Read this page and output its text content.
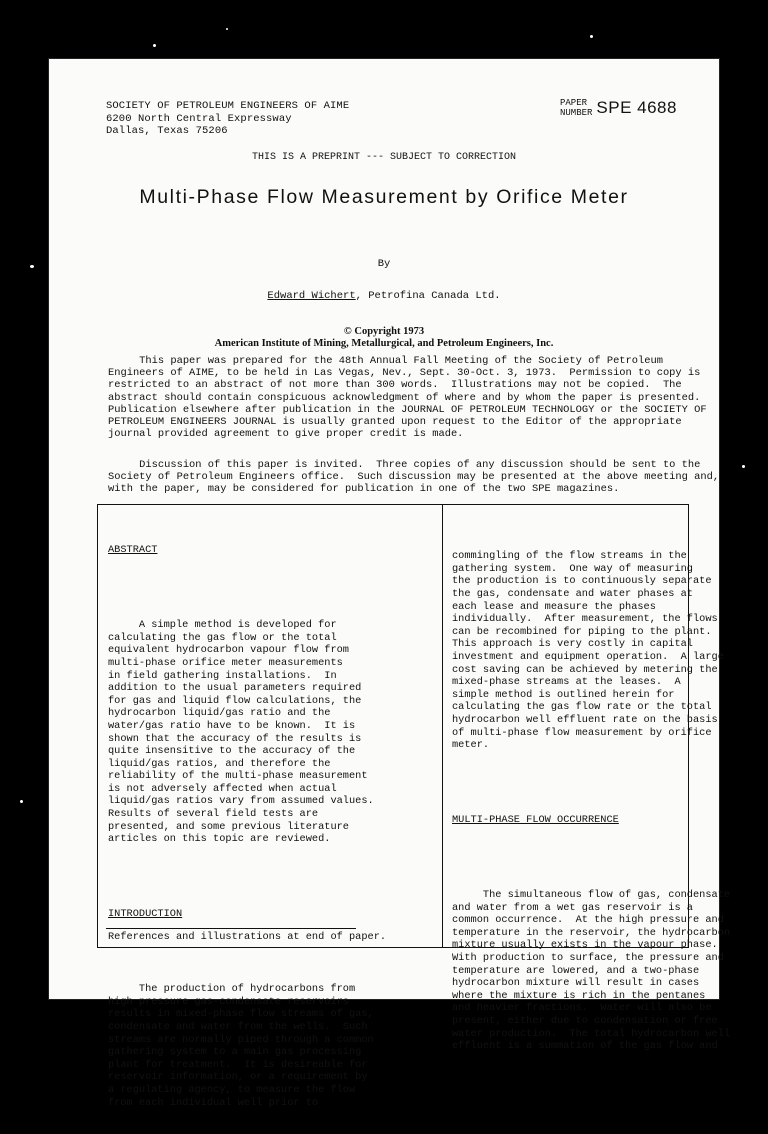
SOCIETY OF PETROLEUM ENGINEERS OF AIME
6200 North Central Expressway
Dallas, Texas 75206
PAPER
NUMBER SPE 4688
THIS IS A PREPRINT --- SUBJECT TO CORRECTION
Multi-Phase Flow Measurement by Orifice Meter
By
Edward Wichert, Petrofina Canada Ltd.
© Copyright 1973
American Institute of Mining, Metallurgical, and Petroleum Engineers, Inc.
This paper was prepared for the 48th Annual Fall Meeting of the Society of Petroleum
Engineers of AIME, to be held in Las Vegas, Nev., Sept. 30-Oct. 3, 1973.  Permission to copy is
restricted to an abstract of not more than 300 words.  Illustrations may not be copied.  The
abstract should contain conspicuous acknowledgment of where and by whom the paper is presented.
Publication elsewhere after publication in the JOURNAL OF PETROLEUM TECHNOLOGY or the SOCIETY OF
PETROLEUM ENGINEERS JOURNAL is usually granted upon request to the Editor of the appropriate
journal provided agreement to give proper credit is made.
Discussion of this paper is invited.  Three copies of any discussion should be sent to the
Society of Petroleum Engineers office.  Such discussion may be presented at the above meeting and,
with the paper, may be considered for publication in one of the two SPE magazines.

ABSTRACT

A simple method is developed for
calculating the gas flow or the total
equivalent hydrocarbon vapour flow from
multi-phase orifice meter measurements
in field gathering installations.  In
addition to the usual parameters required
for gas and liquid flow calculations, the
hydrocarbon liquid/gas ratio and the
water/gas ratio have to be known.  It is
shown that the accuracy of the results is
quite insensitive to the accuracy of the
liquid/gas ratios, and therefore the
reliability of the multi-phase measurement
is not adversely affected when actual
liquid/gas ratios vary from assumed values.
Results of several field tests are
presented, and some previous literature
articles on this topic are reviewed.

INTRODUCTION

The production of hydrocarbons from
high pressure gas-condensate reservoirs
results in mixed-phase flow streams of gas,
condensate and water from the wells.  Such
streams are normally piped through a common
gathering system to a main gas processing
plant for treatment.  It is desireable for
reservoir information, or a requirement by
a regulating agency, to measure the flow
from each individual well prior to

References and illustrations at end of paper.

commingling of the flow streams in the
gathering system.  One way of measuring
the production is to continuously separate
the gas, condensate and water phases at
each lease and measure the phases
individually.  After measurement, the flows
can be recombined for piping to the plant.
This approach is very costly in capital
investment and equipment operation.  A large
cost saving can be achieved by metering the
mixed-phase streams at the leases.  A
simple method is outlined herein for
calculating the gas flow rate or the total
hydrocarbon well effluent rate on the basis
of multi-phase flow measurement by orifice
meter.

MULTI-PHASE FLOW OCCURRENCE

The simultaneous flow of gas, condensate
and water from a wet gas reservoir is a
common occurrence.  At the high pressure and
temperature in the reservoir, the hydrocarbon
mixture usually exists in the vapour phase.
With production to surface, the pressure and
temperature are lowered, and a two-phase
hydrocarbon mixture will result in cases
where the mixture is rich in the pentanes
and heavier fractions.  Water will also be
present, either due to condensation or free
water production.  The total hydrocarbon well
effluent is a summation of the gas flow and
